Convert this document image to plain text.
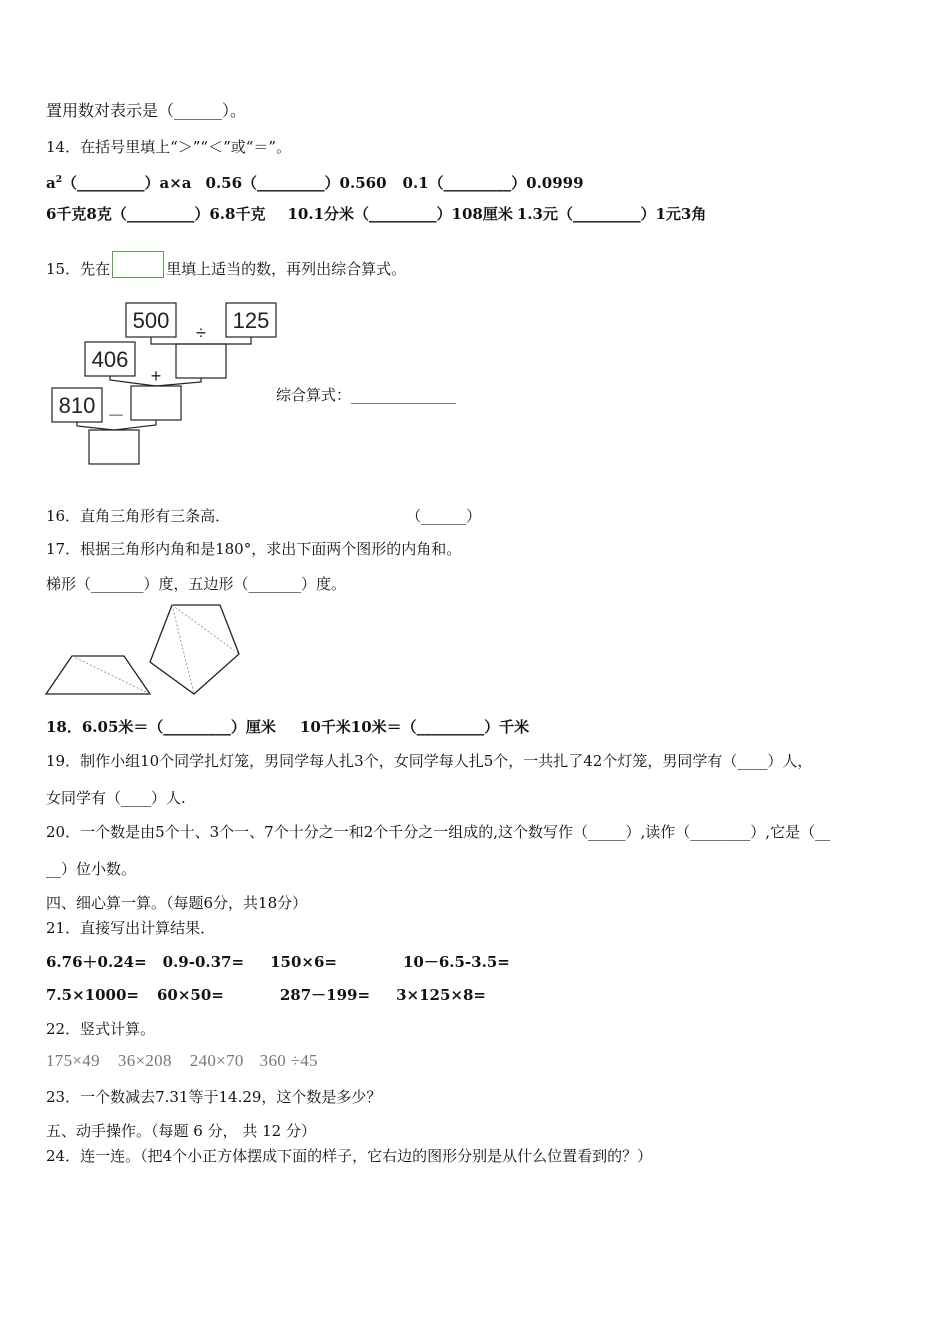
置用数对表示是（______）。
14．在括号里填上“＞”“＜”或“＝”。
$a^2(\_\_\_\_\_\_\_\_\_)a\times a$ 0.56（_________）0.560 0.1（_________）0.0999
6千克8克（_________）6.8千克 10.1分米（_________）108厘米 1.3元（_________）1元3角
15．先在	里填上适当的数，再列出综合算式。
500	125
406
810
÷
+
－
综合算式：______________
16．直角三角形有三条高．	（______）
17．根据三角形内角和是180°，求出下面两个图形的内角和。
梯形（_______）度，五边形（_______）度。
18．6.05米＝（_________）厘米 10千米10米＝（_________）千米
19．制作小组10个同学扎灯笼，男同学每人扎3个，女同学每人扎5个，一共扎了42个灯笼，男同学有（____）人，
女同学有（____）人.
20．一个数是由5个十、3个一、7个十分之一和2个千分之一组成的,这个数写作（_____）,读作（________）,它是（__
__）位小数。
四、细心算一算。（每题6分，共18分）
21．直接写出计算结果．
6.76＋0.24= 0.9-0.37= 150×6=	10－6.5-3.5=
7.5×1000= 60×50=	287－199= 3×125×8=
22．竖式计算。
175×49 36×208 240×70 360 ÷45
23．一个数减去7.31等于14.29，这个数是多少？
五、动手操作。（每题 6 分， 共 12 分）
24．连一连。（把4个小正方体摆成下面的样子，它右边的图形分别是从什么位置看到的？）
